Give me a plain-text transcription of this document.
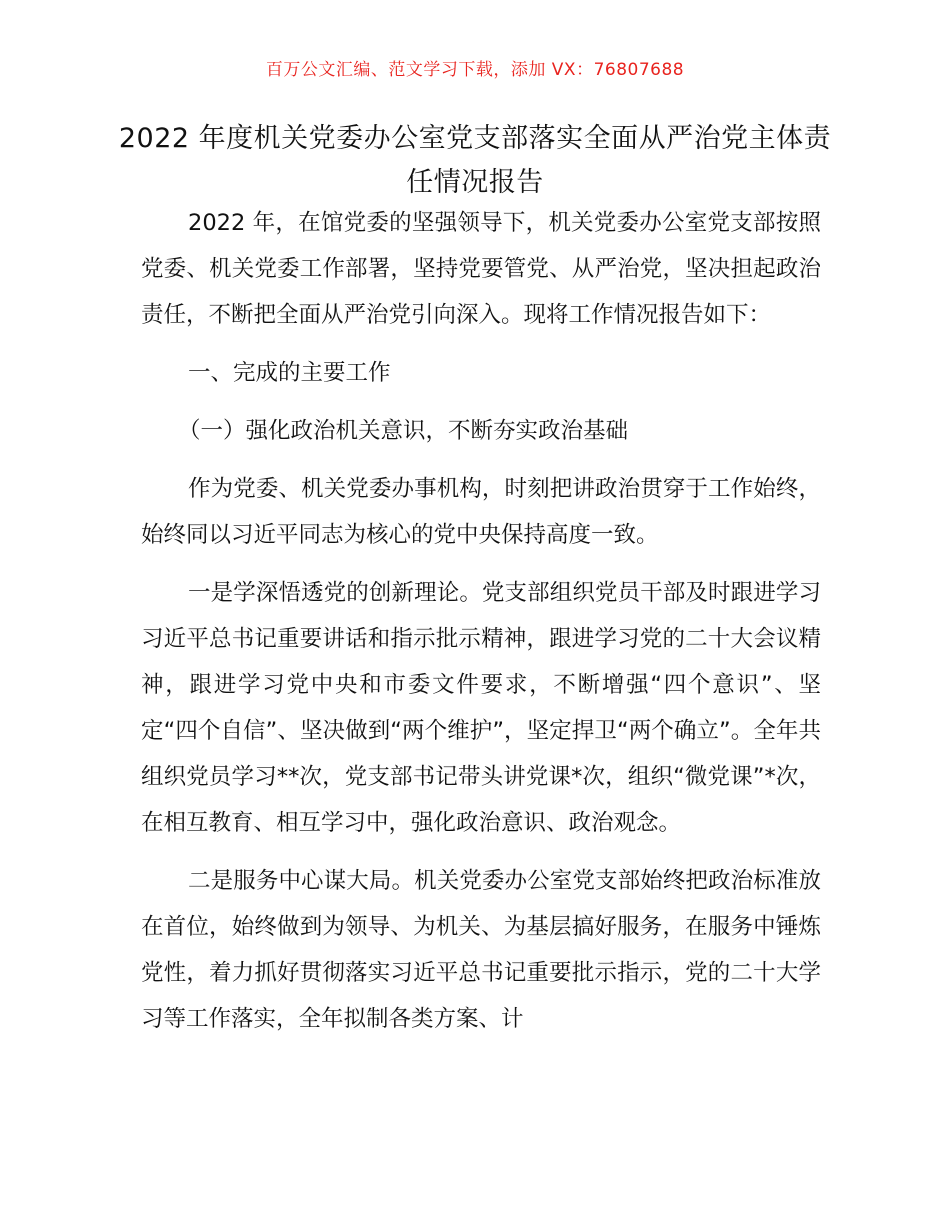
百万公文汇编、范文学习下载，添加 VX：76807688
2022 年度机关党委办公室党支部落实全面从严治党主体责任情况报告

2022 年，在馆党委的坚强领导下，机关党委办公室党支部按照党委、机关党委工作部署，坚持党要管党、从严治党，坚决担起政治责任，不断把全面从严治党引向深入。现将工作情况报告如下：

一、完成的主要工作

（一）强化政治机关意识，不断夯实政治基础

作为党委、机关党委办事机构，时刻把讲政治贯穿于工作始终，始终同以习近平同志为核心的党中央保持高度一致。

一是学深悟透党的创新理论。党支部组织党员干部及时跟进学习习近平总书记重要讲话和指示批示精神，跟进学习党的二十大会议精神，跟进学习党中央和市委文件要求，不断增强“四个意识”、坚定“四个自信”、坚决做到“两个维护”，坚定捍卫“两个确立”。全年共组织党员学习**次，党支部书记带头讲党课*次，组织“微党课”*次，在相互教育、相互学习中，强化政治意识、政治观念。

二是服务中心谋大局。机关党委办公室党支部始终把政治标准放在首位，始终做到为领导、为机关、为基层搞好服务，在服务中锤炼党性，着力抓好贯彻落实习近平总书记重要批示指示，党的二十大学习等工作落实，全年拟制各类方案、计
